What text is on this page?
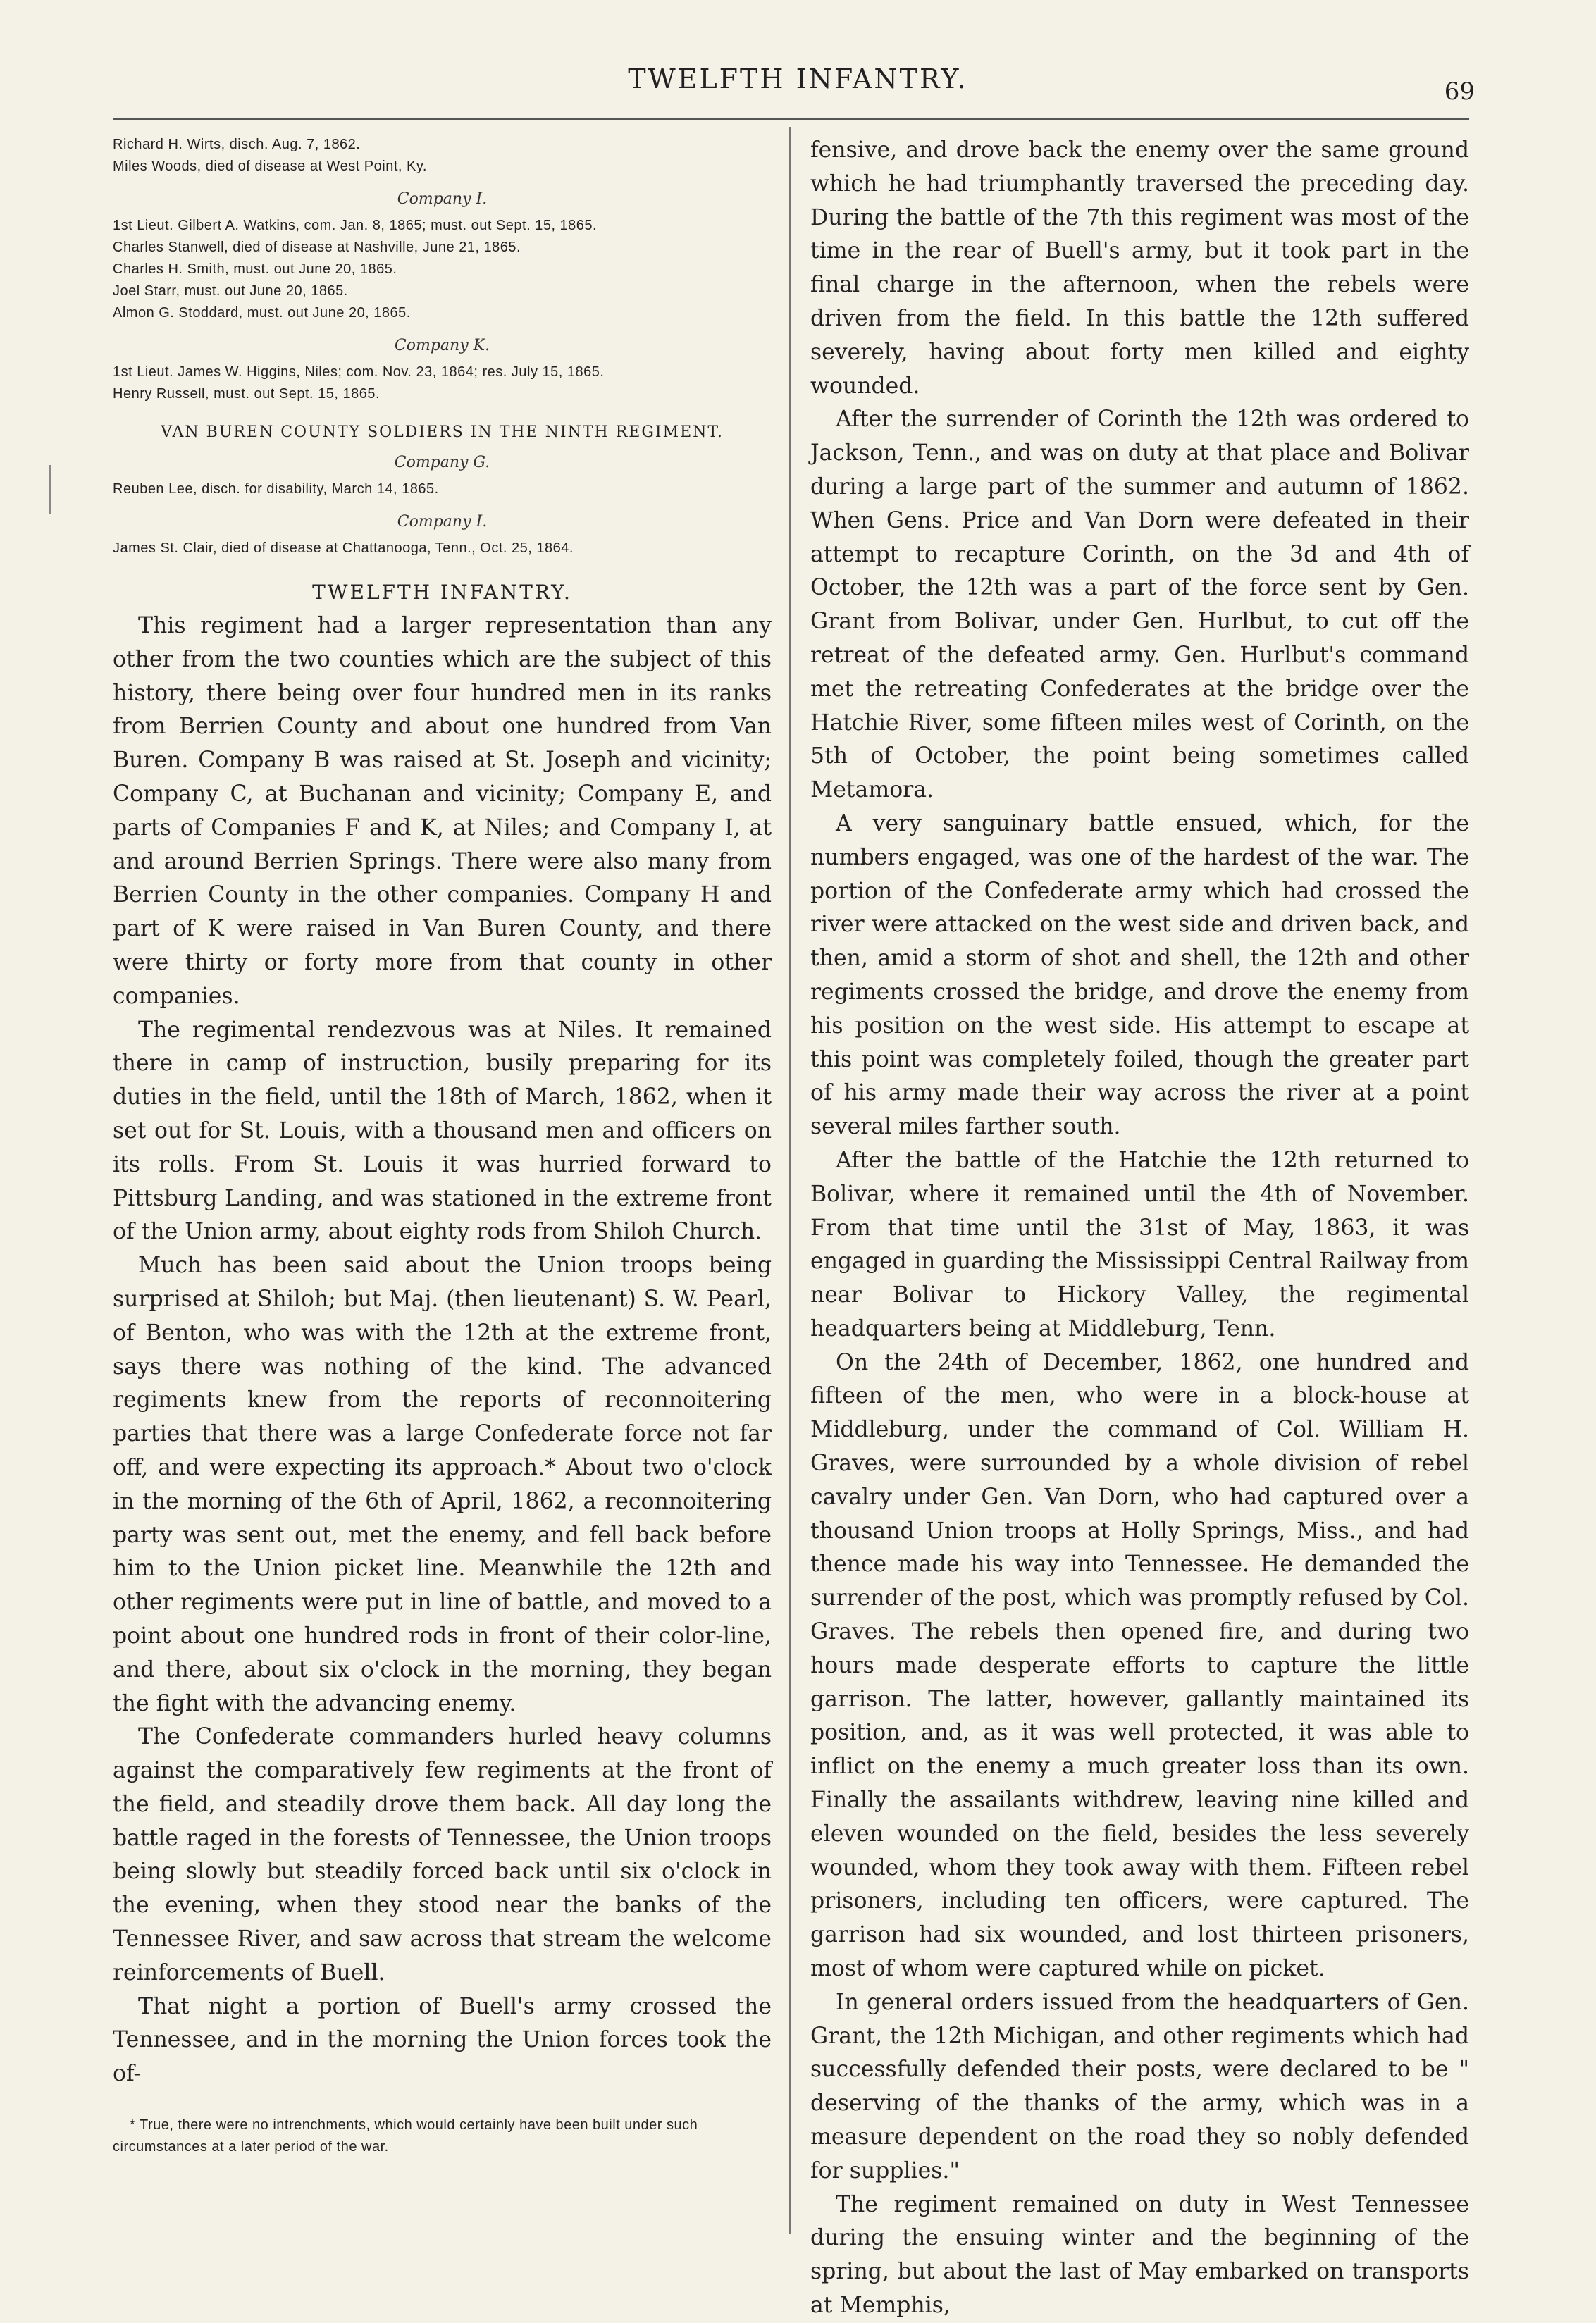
TWELFTH INFANTRY.	69

Richard H. Wirts, disch. Aug. 7, 1862.

Miles Woods, died of disease at West Point, Ky.

Company I.

1st Lieut. Gilbert A. Watkins, com. Jan. 8, 1865; must. out Sept. 15, 1865.

Charles Stanwell, died of disease at Nashville, June 21, 1865.

Charles H. Smith, must. out June 20, 1865.

Joel Starr, must. out June 20, 1865.

Almon G. Stoddard, must. out June 20, 1865.

Company K.

1st Lieut. James W. Higgins, Niles; com. Nov. 23, 1864; res. July 15, 1865.

Henry Russell, must. out Sept. 15, 1865.

VAN BUREN COUNTY SOLDIERS IN THE NINTH REGIMENT.

Company G.

Reuben Lee, disch. for disability, March 14, 1865.

Company I.

James St. Clair, died of disease at Chattanooga, Tenn., Oct. 25, 1864.

TWELFTH INFANTRY.

This regiment had a larger representation than any other from the two counties which are the subject of this history, there being over four hundred men in its ranks from Berrien County and about one hundred from Van Buren. Company B was raised at St. Joseph and vicinity; Company C, at Buchanan and vicinity; Company E, and parts of Companies F and K, at Niles; and Company I, at and around Berrien Springs. There were also many from Berrien County in the other companies. Company H and part of K were raised in Van Buren County, and there were thirty or forty more from that county in other companies.

The regimental rendezvous was at Niles. It remained there in camp of instruction, busily preparing for its duties in the field, until the 18th of March, 1862, when it set out for St. Louis, with a thousand men and officers on its rolls. From St. Louis it was hurried forward to Pittsburg Landing, and was stationed in the extreme front of the Union army, about eighty rods from Shiloh Church.

Much has been said about the Union troops being surprised at Shiloh; but Maj. (then lieutenant) S. W. Pearl, of Benton, who was with the 12th at the extreme front, says there was nothing of the kind. The advanced regiments knew from the reports of reconnoitering parties that there was a large Confederate force not far off, and were expecting its approach.* About two o'clock in the morning of the 6th of April, 1862, a reconnoitering party was sent out, met the enemy, and fell back before him to the Union picket line. Meanwhile the 12th and other regiments were put in line of battle, and moved to a point about one hundred rods in front of their color-line, and there, about six o'clock in the morning, they began the fight with the advancing enemy.

The Confederate commanders hurled heavy columns against the comparatively few regiments at the front of the field, and steadily drove them back. All day long the battle raged in the forests of Tennessee, the Union troops being slowly but steadily forced back until six o'clock in the evening, when they stood near the banks of the Tennessee River, and saw across that stream the welcome reinforcements of Buell.

That night a portion of Buell's army crossed the Tennessee, and in the morning the Union forces took the of-

* True, there were no intrenchments, which would certainly have been built under such circumstances at a later period of the war.

fensive, and drove back the enemy over the same ground which he had triumphantly traversed the preceding day. During the battle of the 7th this regiment was most of the time in the rear of Buell's army, but it took part in the final charge in the afternoon, when the rebels were driven from the field. In this battle the 12th suffered severely, having about forty men killed and eighty wounded.

After the surrender of Corinth the 12th was ordered to Jackson, Tenn., and was on duty at that place and Bolivar during a large part of the summer and autumn of 1862. When Gens. Price and Van Dorn were defeated in their attempt to recapture Corinth, on the 3d and 4th of October, the 12th was a part of the force sent by Gen. Grant from Bolivar, under Gen. Hurlbut, to cut off the retreat of the defeated army. Gen. Hurlbut's command met the retreating Confederates at the bridge over the Hatchie River, some fifteen miles west of Corinth, on the 5th of October, the point being sometimes called Metamora.

A very sanguinary battle ensued, which, for the numbers engaged, was one of the hardest of the war. The portion of the Confederate army which had crossed the river were attacked on the west side and driven back, and then, amid a storm of shot and shell, the 12th and other regiments crossed the bridge, and drove the enemy from his position on the west side. His attempt to escape at this point was completely foiled, though the greater part of his army made their way across the river at a point several miles farther south.

After the battle of the Hatchie the 12th returned to Bolivar, where it remained until the 4th of November. From that time until the 31st of May, 1863, it was engaged in guarding the Mississippi Central Railway from near Bolivar to Hickory Valley, the regimental headquarters being at Middleburg, Tenn.

On the 24th of December, 1862, one hundred and fifteen of the men, who were in a block-house at Middleburg, under the command of Col. William H. Graves, were surrounded by a whole division of rebel cavalry under Gen. Van Dorn, who had captured over a thousand Union troops at Holly Springs, Miss., and had thence made his way into Tennessee. He demanded the surrender of the post, which was promptly refused by Col. Graves. The rebels then opened fire, and during two hours made desperate efforts to capture the little garrison. The latter, however, gallantly maintained its position, and, as it was well protected, it was able to inflict on the enemy a much greater loss than its own. Finally the assailants withdrew, leaving nine killed and eleven wounded on the field, besides the less severely wounded, whom they took away with them. Fifteen rebel prisoners, including ten officers, were captured. The garrison had six wounded, and lost thirteen prisoners, most of whom were captured while on picket.

In general orders issued from the headquarters of Gen. Grant, the 12th Michigan, and other regiments which had successfully defended their posts, were declared to be " deserving of the thanks of the army, which was in a measure dependent on the road they so nobly defended for supplies."

The regiment remained on duty in West Tennessee during the ensuing winter and the beginning of the spring, but about the last of May embarked on transports at Memphis,
